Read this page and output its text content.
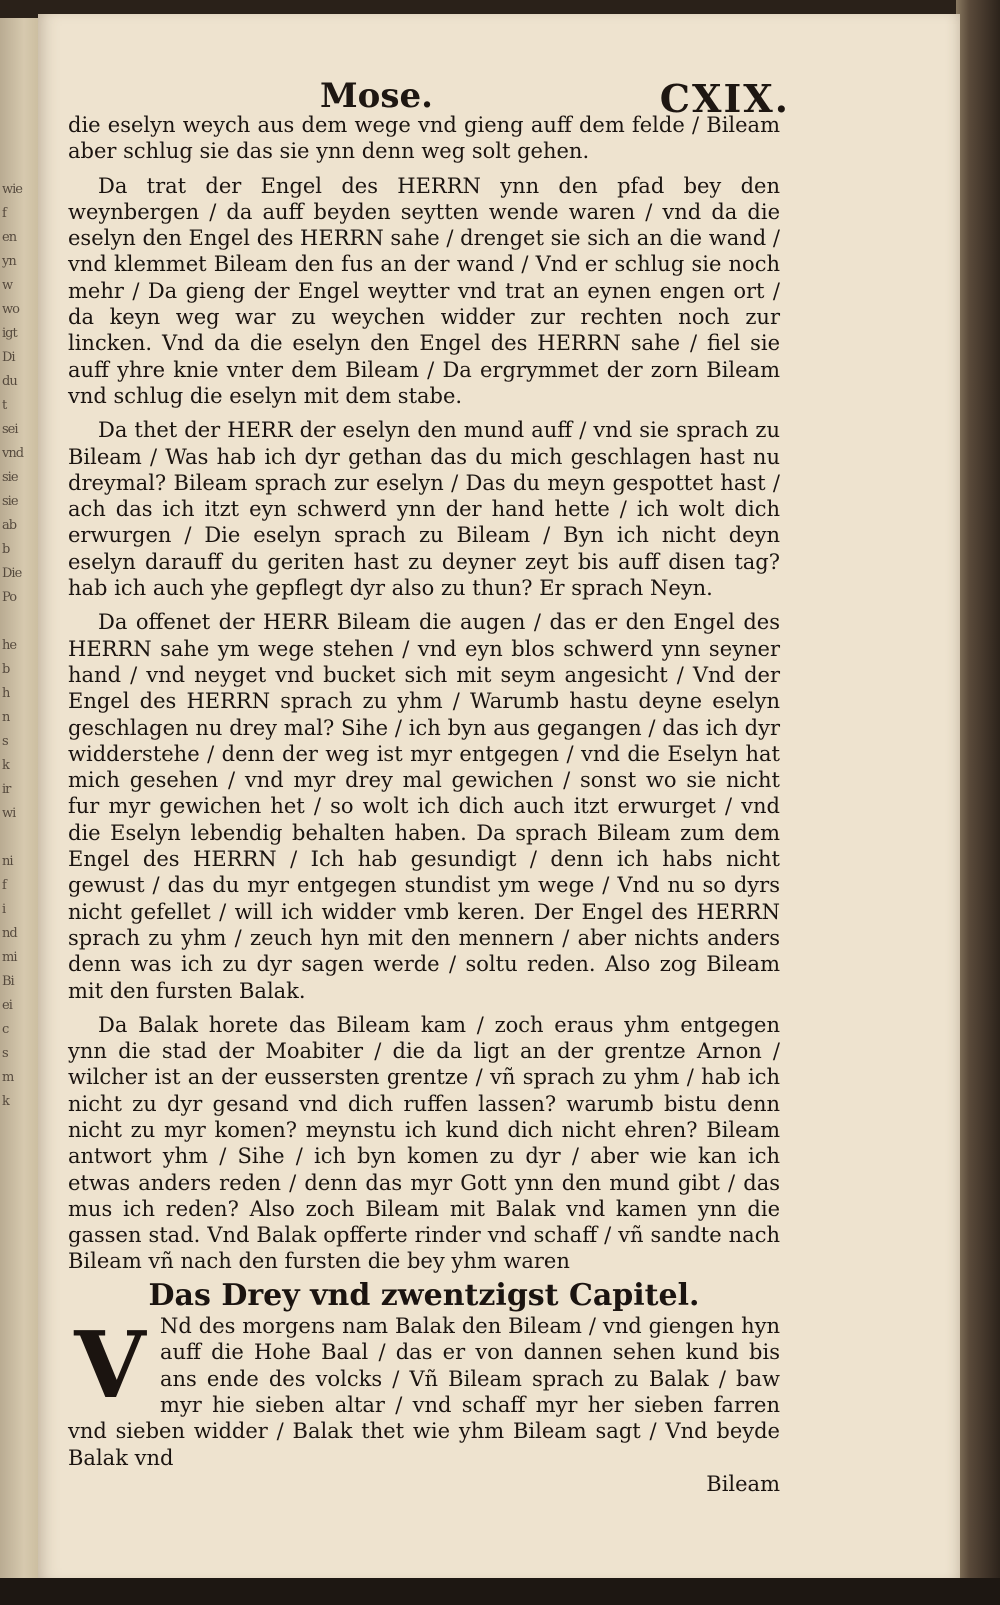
wie
f
en
yn
w
wo
igt
Di
du
t
sei
vnd
sie
sie
ab
b
Die
Po

he
b
h
n
s
k
ir
wi

ni
f
i
nd
mi
Bi
ei
c
s
m
k
Mose.	CXIX.

die eselyn weych aus dem wege vnd gieng auff dem felde / Bileam aber schlug sie das sie ynn denn weg solt gehen.

Da trat der Engel des HERRN ynn den pfad bey den weynbergen / da auff beyden seytten wende waren / vnd da die eselyn den Engel des HERRN sahe / drenget sie sich an die wand / vnd klemmet Bileam den fus an der wand / Vnd er schlug sie noch mehr / Da gieng der Engel weytter vnd trat an eynen engen ort / da keyn weg war zu weychen widder zur rechten noch zur lincken. Vnd da die eselyn den Engel des HERRN sahe / fiel sie auff yhre knie vnter dem Bileam / Da ergrymmet der zorn Bileam vnd schlug die eselyn mit dem stabe.

Da thet der HERR der eselyn den mund auff / vnd sie sprach zu Bileam / Was hab ich dyr gethan das du mich geschlagen hast nu dreymal? Bileam sprach zur eselyn / Das du meyn gespottet hast / ach das ich itzt eyn schwerd ynn der hand hette / ich wolt dich erwurgen / Die eselyn sprach zu Bileam / Byn ich nicht deyn eselyn darauff du geriten hast zu deyner zeyt bis auff disen tag? hab ich auch yhe gepflegt dyr also zu thun? Er sprach Neyn.

Da offenet der HERR Bileam die augen / das er den Engel des HERRN sahe ym wege stehen / vnd eyn blos schwerd ynn seyner hand / vnd neyget vnd bucket sich mit seym angesicht / Vnd der Engel des HERRN sprach zu yhm / Warumb hastu deyne eselyn geschlagen nu drey mal? Sihe / ich byn aus gegangen / das ich dyr widderstehe / denn der weg ist myr entgegen / vnd die Eselyn hat mich gesehen / vnd myr drey mal gewichen / sonst wo sie nicht fur myr gewichen het / so wolt ich dich auch itzt erwurget / vnd die Eselyn lebendig behalten haben. Da sprach Bileam zum dem Engel des HERRN / Ich hab gesundigt / denn ich habs nicht gewust / das du myr entgegen stundist ym wege / Vnd nu so dyrs nicht gefellet / will ich widder vmb keren. Der Engel des HERRN sprach zu yhm / zeuch hyn mit den mennern / aber nichts anders denn was ich zu dyr sagen werde / soltu reden. Also zog Bileam mit den fursten Balak.

Da Balak horete das Bileam kam / zoch eraus yhm entgegen ynn die stad der Moabiter / die da ligt an der grentze Arnon / wilcher ist an der eussersten grentze / vñ sprach zu yhm / hab ich nicht zu dyr gesand vnd dich ruffen lassen? warumb bistu denn nicht zu myr komen? meynstu ich kund dich nicht ehren? Bileam antwort yhm / Sihe / ich byn komen zu dyr / aber wie kan ich etwas anders reden / denn das myr Gott ynn den mund gibt / das mus ich reden? Also zoch Bileam mit Balak vnd kamen ynn die gassen stad. Vnd Balak opfferte rinder vnd schaff / vñ sandte nach Bileam vñ nach den fursten die bey yhm waren

Das Drey vnd zwentzigst Capitel.

V Nd des morgens nam Balak den Bileam / vnd giengen hyn auff die Hohe Baal / das er von dannen sehen kund bis ans ende des volcks / Vñ Bileam sprach zu Balak / baw myr hie sieben altar / vnd schaff myr her sieben farren vnd sieben widder / Balak thet wie yhm Bileam sagt / Vnd beyde Balak vnd

Bileam
